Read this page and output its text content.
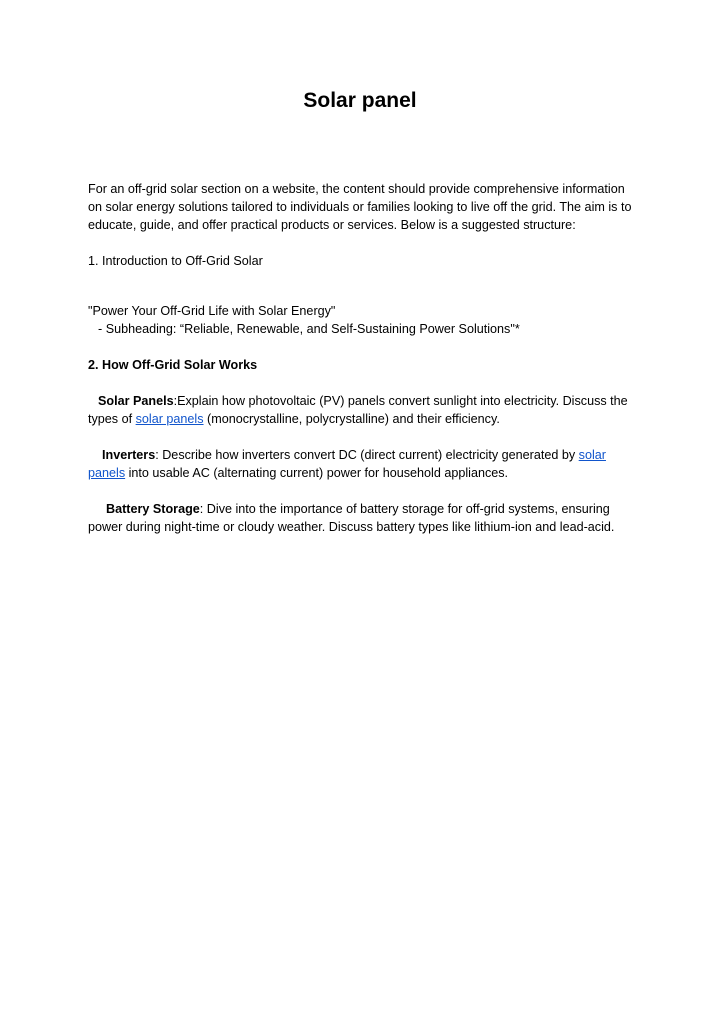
Solar panel

For an off-grid solar section on a website, the content should provide comprehensive information on solar energy solutions tailored to individuals or families looking to live off the grid. The aim is to educate, guide, and offer practical products or services. Below is a suggested structure:

1. Introduction to Off-Grid Solar

"Power Your Off-Grid Life with Solar Energy"

- Subheading: “Reliable, Renewable, and Self-Sustaining Power Solutions"*

2. How Off-Grid Solar Works

Solar Panels:Explain how photovoltaic (PV) panels convert sunlight into electricity. Discuss the types of solar panels (monocrystalline, polycrystalline) and their efficiency.

Inverters: Describe how inverters convert DC (direct current) electricity generated by solar panels into usable AC (alternating current) power for household appliances.

Battery Storage: Dive into the importance of battery storage for off-grid systems, ensuring power during night-time or cloudy weather. Discuss battery types like lithium-ion and lead-acid.
